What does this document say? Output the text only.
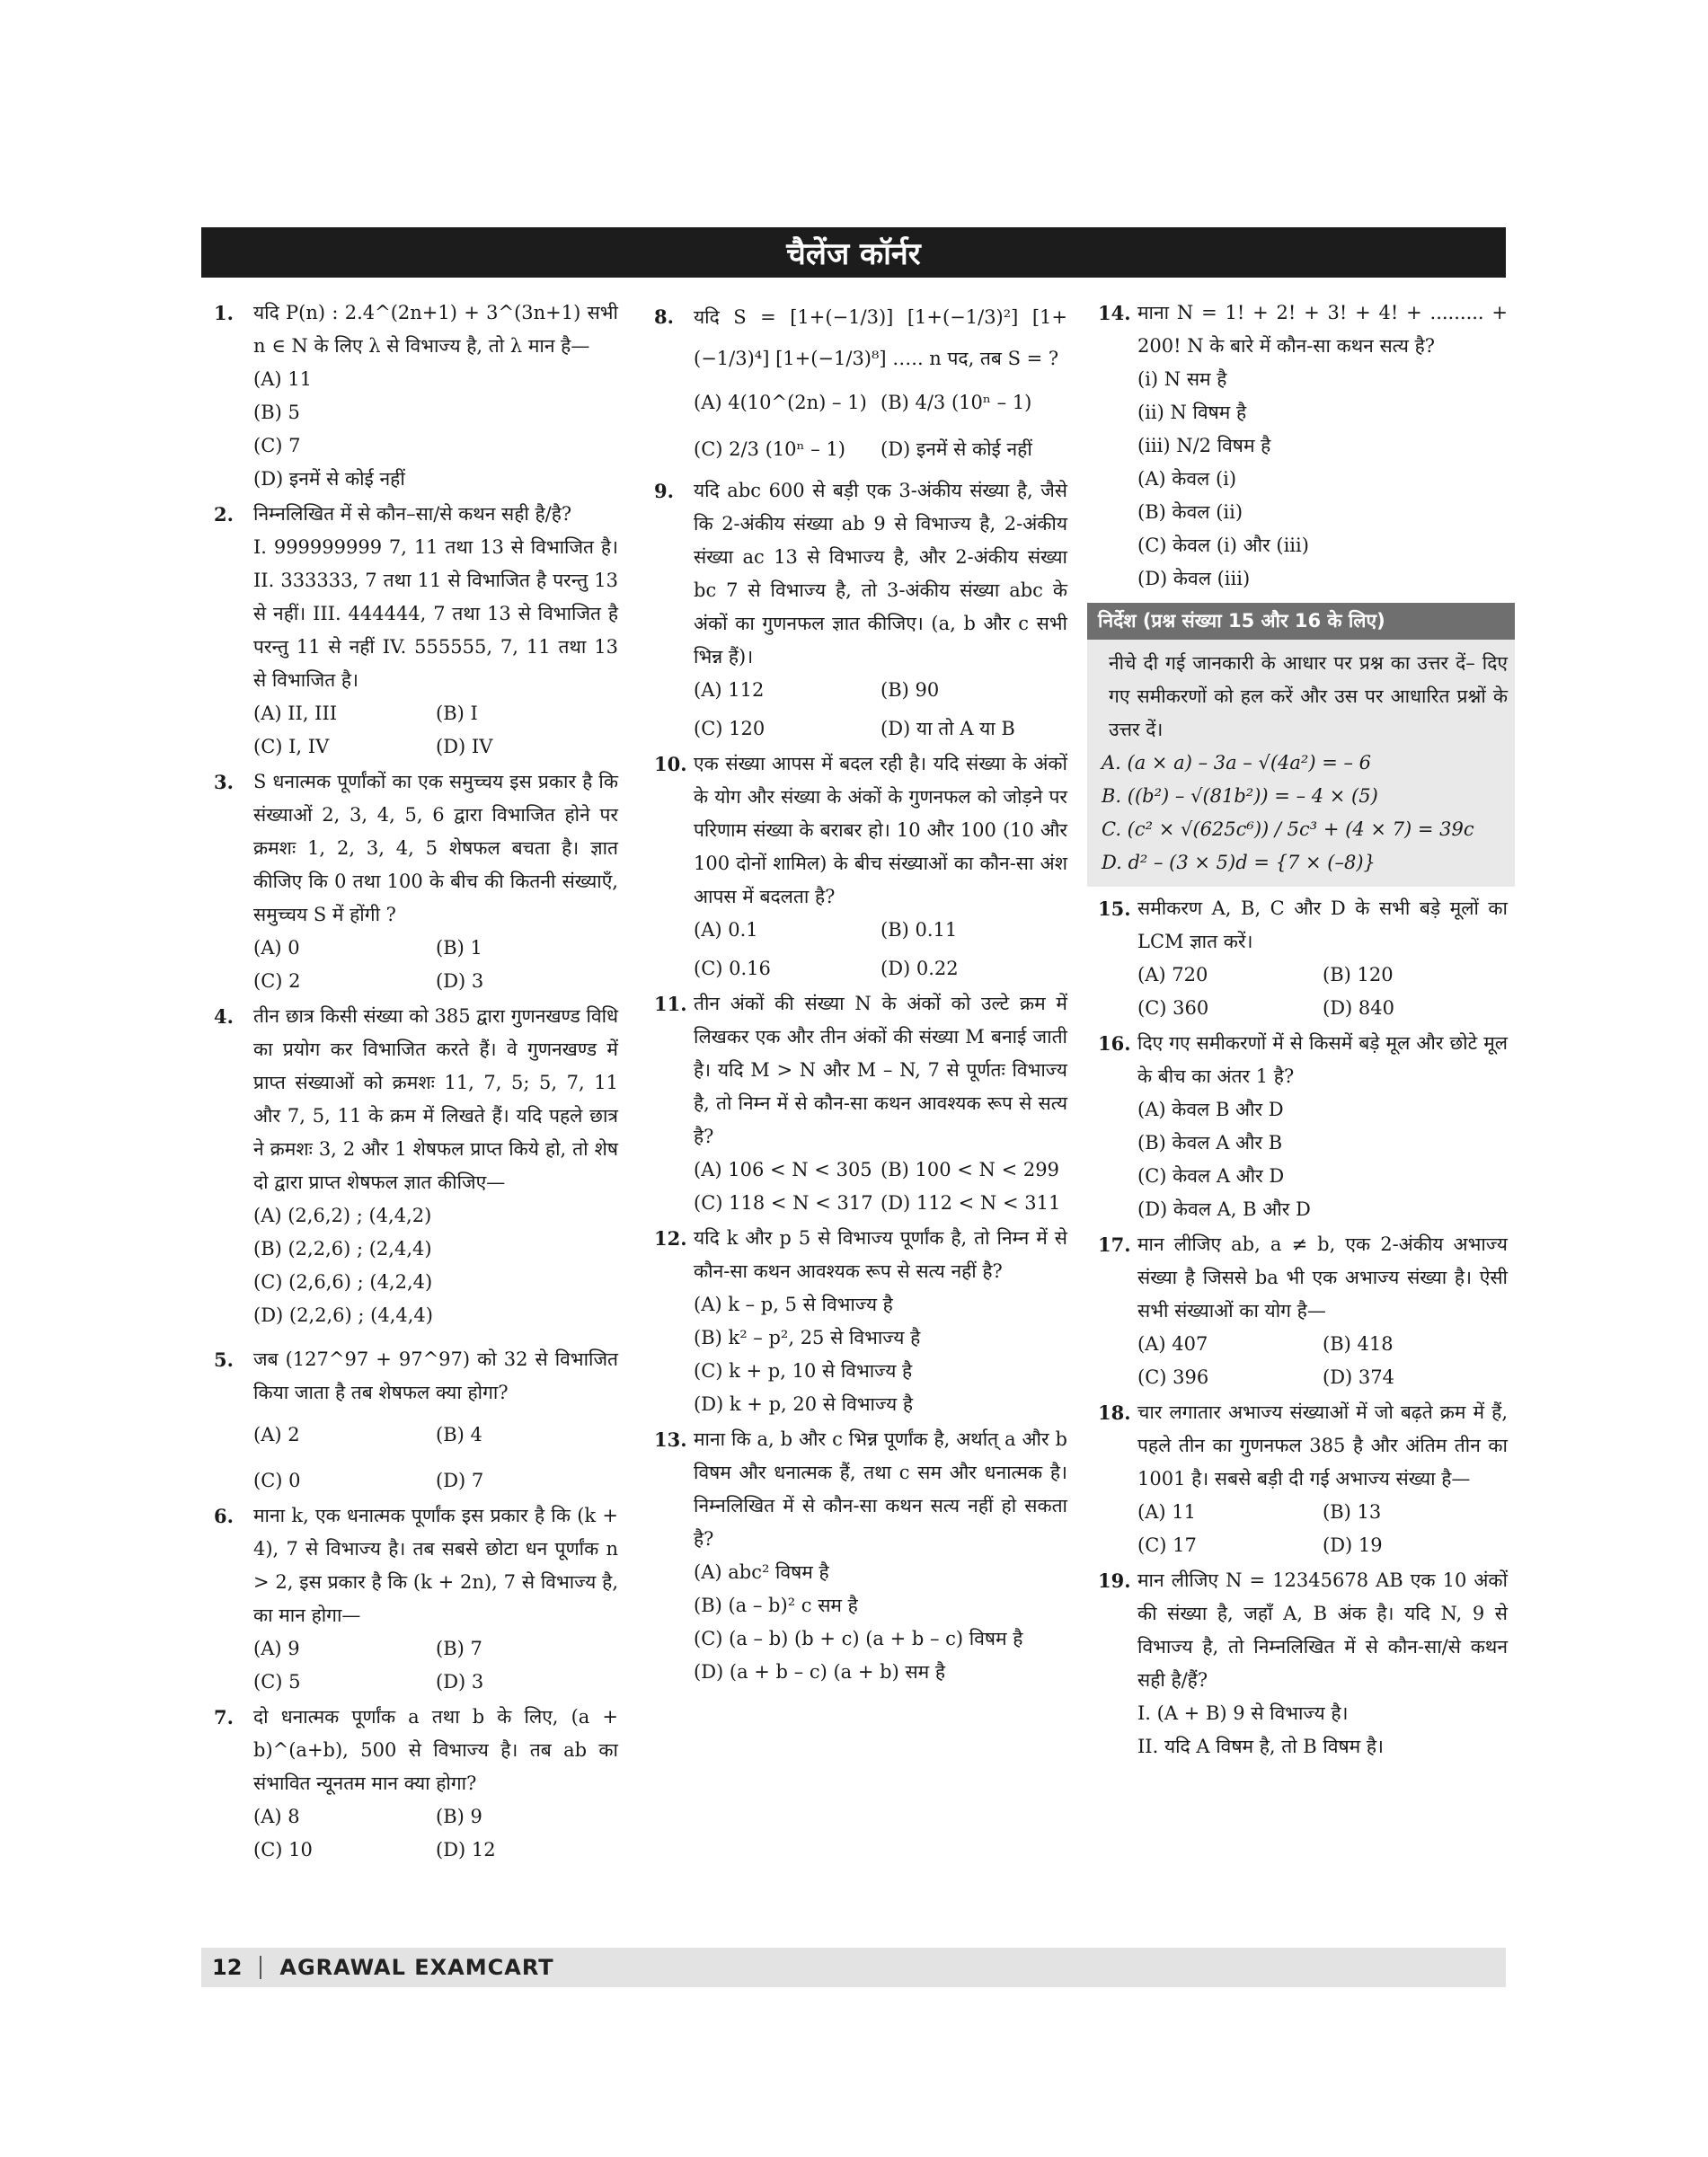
चैलेंज कॉर्नर
1. यदि P(n) : 2.4^(2n+1) + 3^(3n+1) सभी n ∈ N के लिए λ से विभाज्य है, तो λ मान है—
(A) 11
(B) 5
(C) 7
(D) इनमें से कोई नहीं
2. निम्नलिखित में से कौन–सा/से कथन सही है/है?
I. 999999999 7, 11 तथा 13 से विभाजित है। II. 333333, 7 तथा 11 से विभाजित है परन्तु 13 से नहीं। III. 444444, 7 तथा 13 से विभाजित है परन्तु 11 से नहीं IV. 555555, 7, 11 तथा 13 से विभाजित है।
(A) II, III	(B) I
(C) I, IV	(D) IV
3. S धनात्मक पूर्णांकों का एक समुच्चय इस प्रकार है कि संख्याओं 2, 3, 4, 5, 6 द्वारा विभाजित होने पर क्रमशः 1, 2, 3, 4, 5 शेषफल बचता है। ज्ञात कीजिए कि 0 तथा 100 के बीच की कितनी संख्याएँ, समुच्चय S में होंगी ?
(A) 0	(B) 1
(C) 2	(D) 3
4. तीन छात्र किसी संख्या को 385 द्वारा गुणनखण्ड विधि का प्रयोग कर विभाजित करते हैं। वे गुणनखण्ड में प्राप्त संख्याओं को क्रमशः 11, 7, 5; 5, 7, 11 और 7, 5, 11 के क्रम में लिखते हैं। यदि पहले छात्र ने क्रमशः 3, 2 और 1 शेषफल प्राप्त किये हो, तो शेष दो द्वारा प्राप्त शेषफल ज्ञात कीजिए—
(A) (2,6,2) ; (4,4,2)
(B) (2,2,6) ; (2,4,4)
(C) (2,6,6) ; (4,2,4)
(D) (2,2,6) ; (4,4,4)
5. जब (127^97 + 97^97) को 32 से विभाजित किया जाता है तब शेषफल क्या होगा?
(A) 2	(B) 4
(C) 0	(D) 7
6. माना k, एक धनात्मक पूर्णांक इस प्रकार है कि (k + 4), 7 से विभाज्य है। तब सबसे छोटा धन पूर्णांक n > 2, इस प्रकार है कि (k + 2n), 7 से विभाज्य है, का मान होगा—
(A) 9	(B) 7
(C) 5	(D) 3
7. दो धनात्मक पूर्णांक a तथा b के लिए, (a + b)^(a+b), 500 से विभाज्य है। तब ab का संभावित न्यूनतम मान क्या होगा?
(A) 8	(B) 9
(C) 10	(D) 12
8. यदि S = [1+(−1/3)] [1+(−1/3)²] [1+(−1/3)⁴] [1+(−1/3)⁸] ….. n पद, तब S = ?
(A) 4(10^(2n) – 1) (B) 4/3 (10ⁿ – 1)
(C) 2/3 (10ⁿ – 1)	(D) इनमें से कोई नहीं
9. यदि abc 600 से बड़ी एक 3-अंकीय संख्या है, जैसे कि 2-अंकीय संख्या ab 9 से विभाज्य है, 2-अंकीय संख्या ac 13 से विभाज्य है, और 2-अंकीय संख्या bc 7 से विभाज्य है, तो 3-अंकीय संख्या abc के अंकों का गुणनफल ज्ञात कीजिए। (a, b और c सभी भिन्न हैं)।
(A) 112	(B) 90
(C) 120	(D) या तो A या B
10. एक संख्या आपस में बदल रही है। यदि संख्या के अंकों के योग और संख्या के अंकों के गुणनफल को जोड़ने पर परिणाम संख्या के बराबर हो। 10 और 100 (10 और 100 दोनों शामिल) के बीच संख्याओं का कौन-सा अंश आपस में बदलता है?
(A) 0.1	(B) 0.11
(C) 0.16	(D) 0.22
11. तीन अंकों की संख्या N के अंकों को उल्टे क्रम में लिखकर एक और तीन अंकों की संख्या M बनाई जाती है। यदि M > N और M – N, 7 से पूर्णतः विभाज्य है, तो निम्न में से कौन-सा कथन आवश्यक रूप से सत्य है?
(A) 106 < N < 305 (B) 100 < N < 299
(C) 118 < N < 317 (D) 112 < N < 311
12. यदि k और p 5 से विभाज्य पूर्णांक है, तो निम्न में से कौन-सा कथन आवश्यक रूप से सत्य नहीं है?
(A) k – p, 5 से विभाज्य है
(B) k² – p², 25 से विभाज्य है
(C) k + p, 10 से विभाज्य है
(D) k + p, 20 से विभाज्य है
13. माना कि a, b और c भिन्न पूर्णांक है, अर्थात् a और b विषम और धनात्मक हैं, तथा c सम और धनात्मक है। निम्नलिखित में से कौन-सा कथन सत्य नहीं हो सकता है?
(A) abc² विषम है
(B) (a – b)² c सम है
(C) (a – b) (b + c) (a + b – c) विषम है
(D) (a + b – c) (a + b) सम है
14. माना N = 1! + 2! + 3! + 4! + ......... + 200! N के बारे में कौन-सा कथन सत्य है?
(i) N सम है
(ii) N विषम है
(iii) N/2 विषम है
(A) केवल (i)
(B) केवल (ii)
(C) केवल (i) और (iii)
(D) केवल (iii)
निर्देश (प्रश्न संख्या 15 और 16 के लिए)
नीचे दी गई जानकारी के आधार पर प्रश्न का उत्तर दें– दिए गए समीकरणों को हल करें और उस पर आधारित प्रश्नों के उत्तर दें।
A. (a × a) – 3a – √(4a²) = – 6
B. ((b²) – √(81b²)) = – 4 × (5)
C. (c² × √(625c⁶)) / 5c³ + (4 × 7) = 39c
D. d² – (3 × 5)d = {7 × (–8)}
15. समीकरण A, B, C और D के सभी बड़े मूलों का LCM ज्ञात करें।
(A) 720	(B) 120
(C) 360	(D) 840
16. दिए गए समीकरणों में से किसमें बड़े मूल और छोटे मूल के बीच का अंतर 1 है?
(A) केवल B और D
(B) केवल A और B
(C) केवल A और D
(D) केवल A, B और D
17. मान लीजिए ab, a ≠ b, एक 2-अंकीय अभाज्य संख्या है जिससे ba भी एक अभाज्य संख्या है। ऐसी सभी संख्याओं का योग है—
(A) 407	(B) 418
(C) 396	(D) 374
18. चार लगातार अभाज्य संख्याओं में जो बढ़ते क्रम में हैं, पहले तीन का गुणनफल 385 है और अंतिम तीन का 1001 है। सबसे बड़ी दी गई अभाज्य संख्या है—
(A) 11	(B) 13
(C) 17	(D) 19
19. मान लीजिए N = 12345678 AB एक 10 अंकों की संख्या है, जहाँ A, B अंक है। यदि N, 9 से विभाज्य है, तो निम्नलिखित में से कौन-सा/से कथन सही है/हैं?
I. (A + B) 9 से विभाज्य है।
II. यदि A विषम है, तो B विषम है।
12 AGRAWAL EXAMCART
